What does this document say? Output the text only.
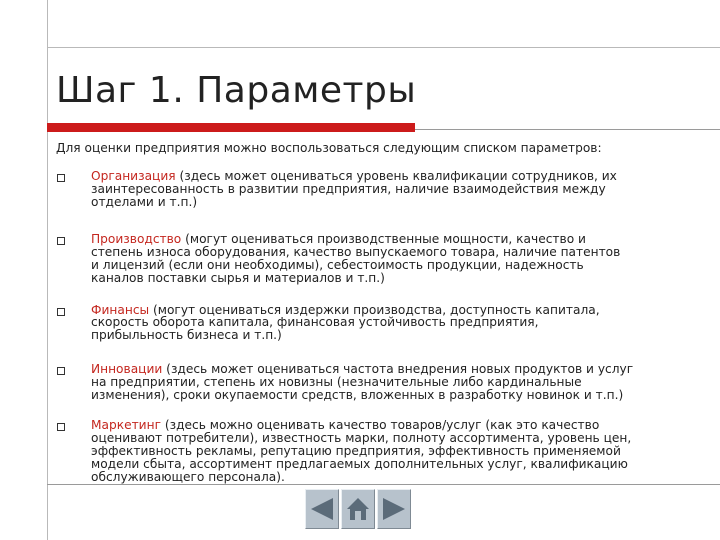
Шаг 1. Параметры
Для оценки предприятия можно воспользоваться следующим списком параметров:
Организация (здесь может оцениваться уровень квалификации сотрудников, их
заинтересованность в развитии предприятия, наличие взаимодействия между
отделами и т.п.)
Производство (могут оцениваться производственные мощности, качество и
степень износа оборудования, качество выпускаемого товара, наличие патентов
и лицензий (если они необходимы), себестоимость продукции, надежность
каналов поставки сырья и материалов и т.п.)
Финансы (могут оцениваться издержки производства, доступность капитала,
скорость оборота капитала, финансовая устойчивость предприятия,
прибыльность бизнеса и т.п.)
Инновации (здесь может оцениваться частота внедрения новых продуктов и услуг
на предприятии, степень их новизны (незначительные либо кардинальные
изменения), сроки окупаемости средств, вложенных в разработку новинок и т.п.)
Маркетинг (здесь можно оценивать качество товаров/услуг (как это качество
оценивают потребители), известность марки, полноту ассортимента, уровень цен,
эффективность рекламы, репутацию предприятия, эффективность применяемой
модели сбыта, ассортимент предлагаемых дополнительных услуг, квалификацию
обслуживающего персонала).
